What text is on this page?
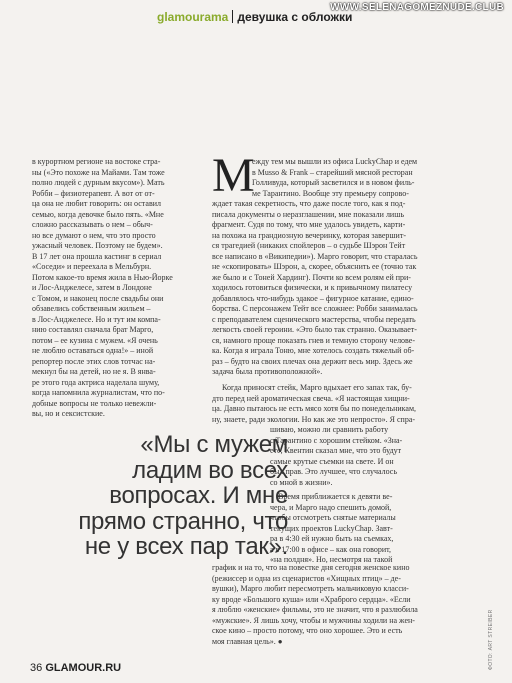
glamourama девушка с обложки
WWW.SELENAGOMEZNUDE.CLUB
в курортном регионе на востоке стра-
ны («Это похоже на Майами. Там тоже
полно людей с дурным вкусом»). Мать
Робби – физиотерапевт. А вот от от-
ца она не любит говорить: он оставил
семью, когда девочке было пять. «Мне
сложно рассказывать о нем – обыч-
но все думают о нем, что это просто
ужасный человек. Поэтому не будем».
В 17 лет она прошла кастинг в сериал
«Соседи» и переехала в Мельбурн.
Потом какое-то время жила в Нью-Йорке
и Лос-Анджелесе, затем в Лондоне
с Томом, и наконец после свадьбы они
обзавелись собственным жильем –
в Лос-Анджелесе. Но и тут им компа-
нию составлял сначала брат Марго,
потом – ее кузина с мужем. «Я очень
не люблю оставаться одна!» – иной
репортер после этих слов тотчас на-
мекнул бы на детей, но не я. В янва-
ре этого года актриса наделала шуму,
когда напомнила журналистам, что по-
добные вопросы не только невежли-
вы, но и сексистские.
М
ежду тем мы вышли из офиса LuckyChap и едем
в Musso & Frank – старейший мясной ресторан
Голливуда, который засветился и в новом филь-
ме Тарантино. Вообще эту премьеру сопрово-
ждает такая секретность, что даже после того, как я под-
писала документы о неразглашении, мне показали лишь
фрагмент. Судя по тому, что мне удалось увидеть, карти-
на похожа на грандиозную вечеринку, которая завершит-
ся трагедией (никаких спойлеров – о судьбе Шэрон Тейт
все написано в «Википедии»). Марго говорит, что старалась
не «скопировать» Шэрон, а, скорее, объяснить ее (точно так
же было и с Тоней Хардинг). Почти ко всем ролям ей при-
ходилось готовиться физически, и к привычному пилатесу
добавлялось что-нибудь эдакое – фигурное катание, едино-
борства. С персонажем Тейт все сложнее: Робби занималась
с преподавателем сценического мастерства, чтобы передать
легкость своей героини. «Это было так странно. Оказывает-
ся, намного проще показать гнев и темную сторону челове-
ка. Когда я играла Тоню, мне хотелось создать тяжелый об-
раз – будто на своих плечах она держит весь мир. Здесь же
задача была противоположной».
Когда приносят стейк, Марго вдыхает его запах так, бу-
дто перед ней ароматическая свеча. «Я настоящая хищни-
ца. Давно пытаюсь не есть мясо хотя бы по понедельникам,
ну, знаете, ради экологии. Но как же это непросто». Я спра-
шиваю, можно ли сравнить работу
с Тарантино с хорошим стейком. «Зна-
ете, Квентин сказал мне, что это будут
самые крутые съемки на свете. И он
был прав. Это лучшее, что случалось
со мной в жизни».
Время приближается к девяти ве-
чера, и Марго надо спешить домой,
чтобы отсмотреть снятые материалы
текущих проектов LuckyChap. Завт-
ра в 4:30 ей нужно быть на съемках,
а в 17:00 в офисе – как она говорит,
«на полдня». Но, несмотря на такой
график и на то, что на повестке дня сегодня женское кино
(режиссер и одна из сценаристов «Хищных птиц» – де-
вушки), Марго любит пересмотреть мальчиковую класси-
ку вроде «Большого куша» или «Храброго сердца». «Если
я люблю «женские» фильмы, это не значит, что я разлюбила
«мужские». Я лишь хочу, чтобы и мужчины ходили на жен-
ское кино – просто потому, что оно хорошее. Это и есть
моя главная цель». ●
«Мы с мужем
ладим во всех
вопросах. И мне
прямо странно, что
не у всех пар так».
36 GLAMOUR.RU	ФОТО: ART STREIBER
